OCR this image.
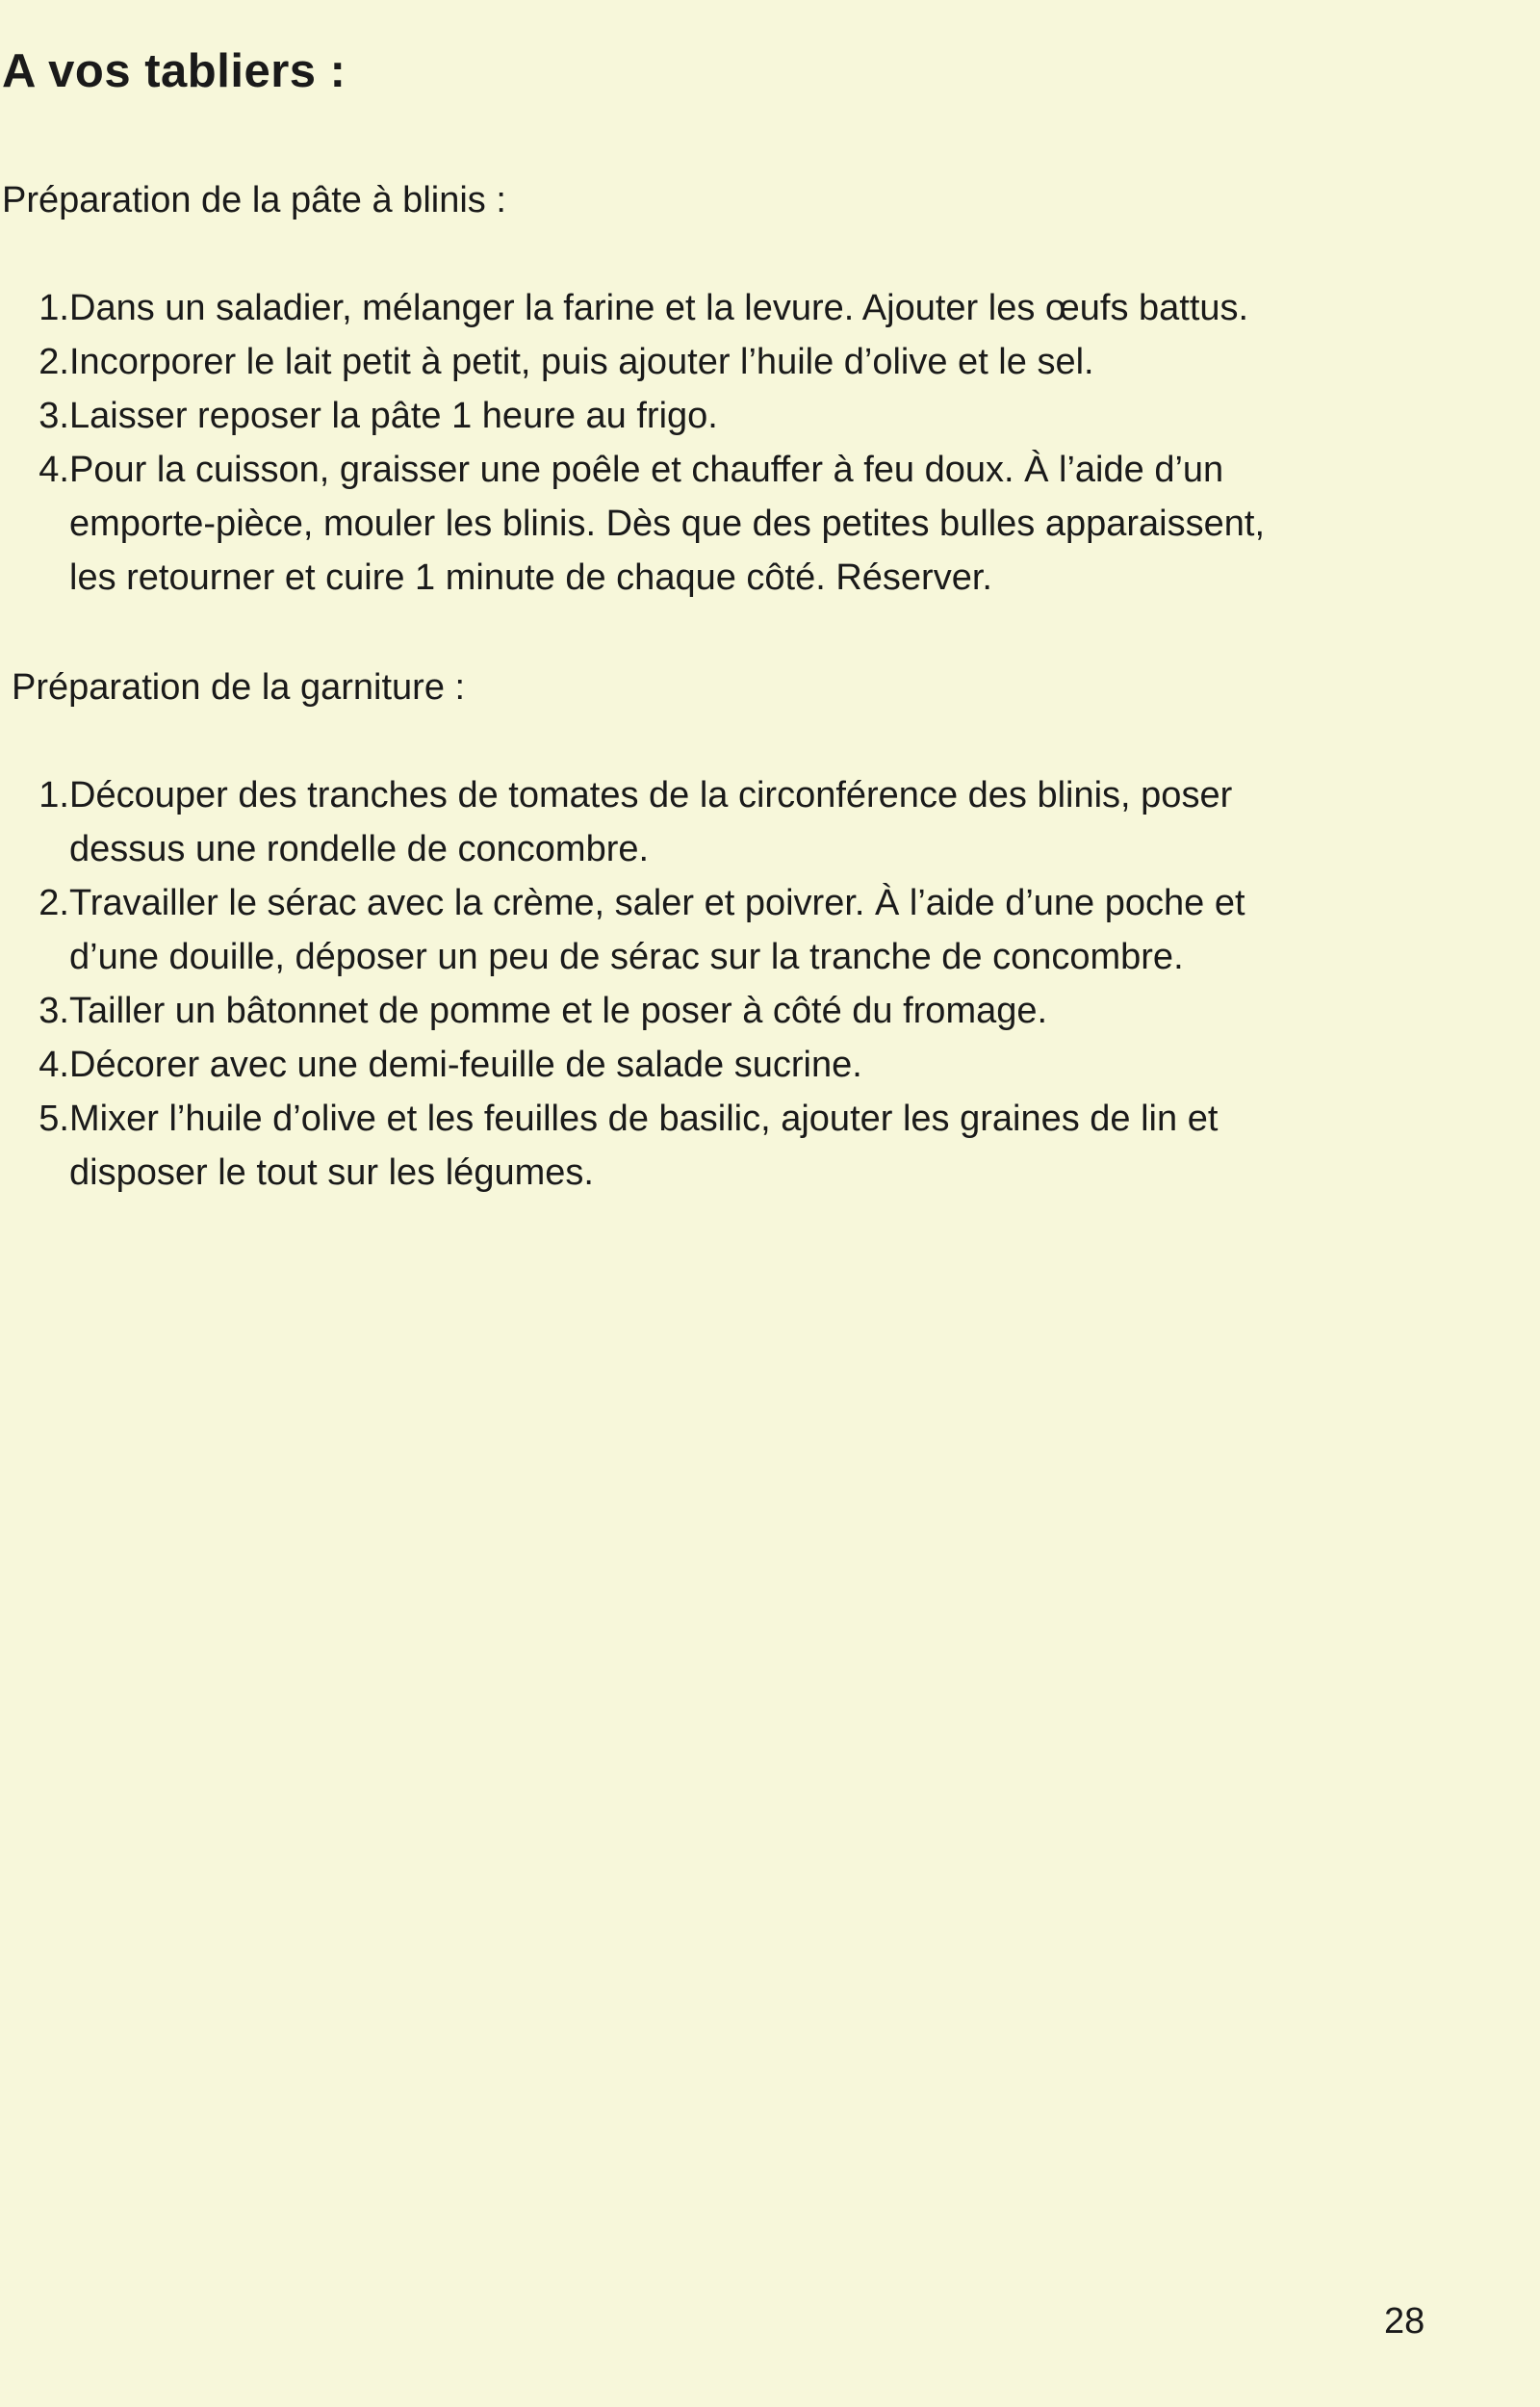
A vos tabliers :
Préparation de la pâte à blinis :
1. Dans un saladier, mélanger la farine et la levure. Ajouter les œufs battus.
2. Incorporer le lait petit à petit, puis ajouter l’huile d’olive et le sel.
3. Laisser reposer la pâte 1 heure au frigo.
4. Pour la cuisson, graisser une poêle et chauffer à feu doux. À l’aide d’un
emporte-pièce, mouler les blinis. Dès que des petites bulles apparaissent,
les retourner et cuire 1 minute de chaque côté. Réserver.
Préparation de la garniture :
1. Découper des tranches de tomates de la circonférence des blinis, poser
dessus une rondelle de concombre.
2. Travailler le sérac avec la crème, saler et poivrer. À l’aide d’une poche et
d’une douille, déposer un peu de sérac sur la tranche de concombre.
3. Tailler un bâtonnet de pomme et le poser à côté du fromage.
4. Décorer avec une demi-feuille de salade sucrine.
5. Mixer l’huile d’olive et les feuilles de basilic, ajouter les graines de lin et
disposer le tout sur les légumes.

28
